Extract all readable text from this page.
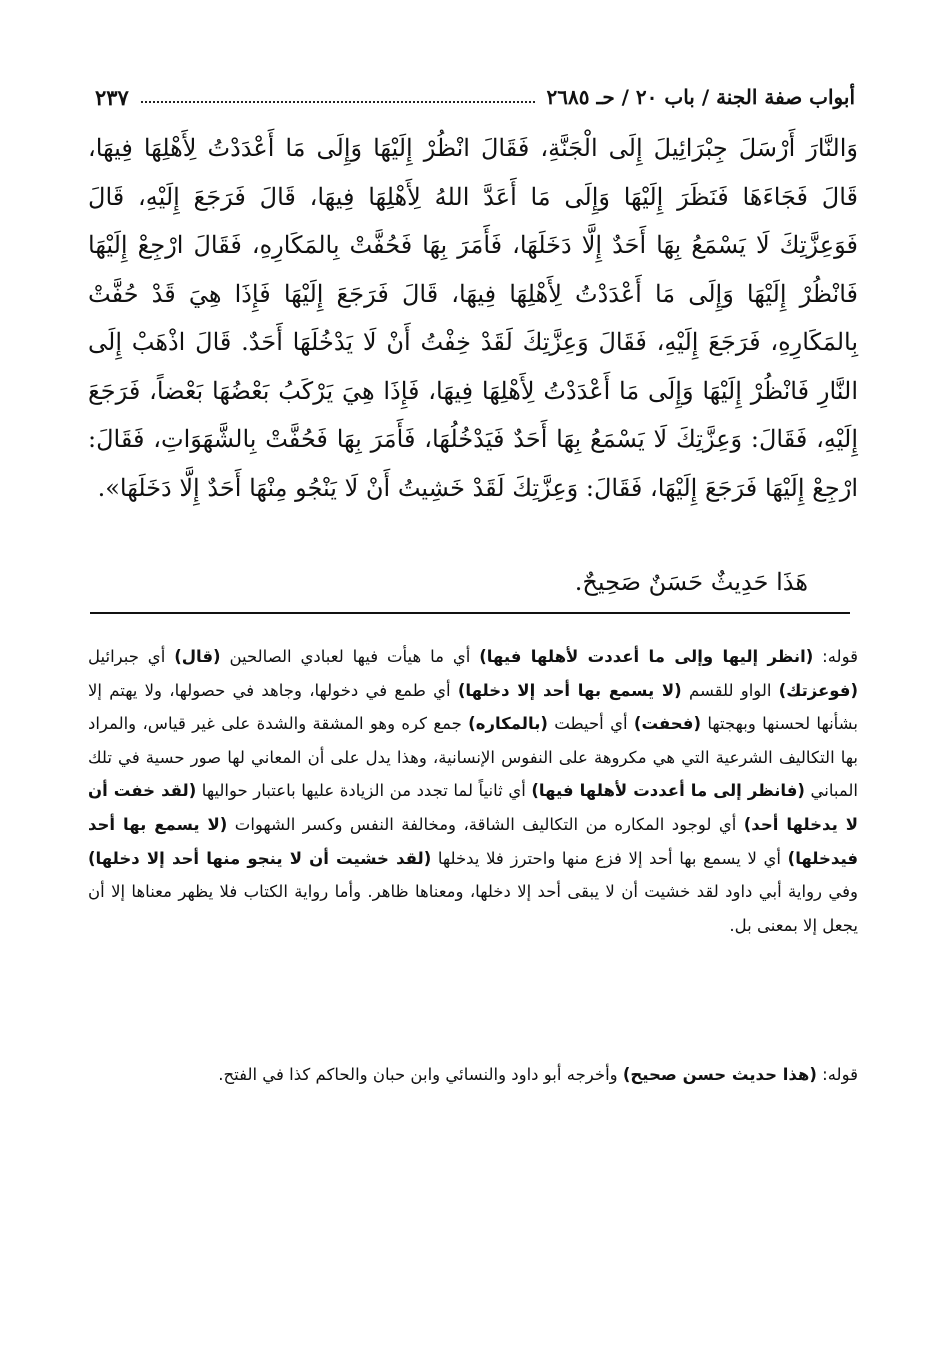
أبواب صفة الجنة / باب ٢٠ / حـ ٢٦٨٥
٢٣٧
وَالنَّارَ أَرْسَلَ جِبْرَائِيلَ إِلَى الْجَنَّةِ، فَقَالَ انْظُرْ إِلَيْهَا وَإِلَى مَا أَعْدَدْتُ لِأَهْلِهَا فِيهَا، قَالَ فَجَاءَهَا فَنَظَرَ إِلَيْهَا وَإِلَى مَا أَعَدَّ اللهُ لِأَهْلِهَا فِيهَا، قَالَ فَرَجَعَ إِلَيْهِ، قَالَ فَوَعِزَّتِكَ لَا يَسْمَعُ بِهَا أَحَدٌ إِلَّا دَخَلَهَا، فَأَمَرَ بِهَا فَحُفَّتْ بِالمَكَارِهِ، فَقَالَ ارْجِعْ إِلَيْهَا فَانْظُرْ إِلَيْهَا وَإِلَى مَا أَعْدَدْتُ لِأَهْلِهَا فِيهَا، قَالَ فَرَجَعَ إِلَيْهَا فَإِذَا هِيَ قَدْ حُفَّتْ بِالمَكَارِهِ، فَرَجَعَ إِلَيْهِ، فَقَالَ وَعِزَّتِكَ لَقَدْ خِفْتُ أَنْ لَا يَدْخُلَهَا أَحَدٌ. قَالَ اذْهَبْ إِلَى النَّارِ فَانْظُرْ إِلَيْهَا وَإِلَى مَا أَعْدَدْتُ لِأَهْلِهَا فِيهَا، فَإِذَا هِيَ يَرْكَبُ بَعْضُهَا بَعْضاً، فَرَجَعَ إِلَيْهِ، فَقَالَ: وَعِزَّتِكَ لَا يَسْمَعُ بِهَا أَحَدٌ فَيَدْخُلُهَا، فَأَمَرَ بِهَا فَحُفَّتْ بِالشَّهَوَاتِ، فَقَالَ: ارْجِعْ إِلَيْهَا فَرَجَعَ إِلَيْهَا، فَقَالَ: وَعِزَّتِكَ لَقَدْ خَشِيتُ أَنْ لَا يَنْجُو مِنْهَا أَحَدٌ إِلَّا دَخَلَهَا».
هَذَا حَدِيثٌ حَسَنٌ صَحِيحٌ.
قوله: (انظر إليها وإلى ما أعددت لأهلها فيها) أي ما هيأت فيها لعبادي الصالحين (قال) أي جبرائيل (فوعزتك) الواو للقسم (لا يسمع بها أحد إلا دخلها) أي طمع في دخولها، وجاهد في حصولها، ولا يهتم إلا بشأنها لحسنها وبهجتها (فحفت) أي أحيطت (بالمكاره) جمع كره وهو المشقة والشدة على غير قياس، والمراد بها التكاليف الشرعية التي هي مكروهة على النفوس الإنسانية، وهذا يدل على أن المعاني لها صور حسية في تلك المباني (فانظر إلى ما أعددت لأهلها فيها) أي ثانياً لما تجدد من الزيادة عليها باعتبار حواليها (لقد خفت أن لا يدخلها أحد) أي لوجود المكاره من التكاليف الشاقة، ومخالفة النفس وكسر الشهوات (لا يسمع بها أحد فيدخلها) أي لا يسمع بها أحد إلا فزع منها واحترز فلا يدخلها (لقد خشيت أن لا ينجو منها أحد إلا دخلها) وفي رواية أبي داود لقد خشيت أن لا يبقى أحد إلا دخلها، ومعناها ظاهر. وأما رواية الكتاب فلا يظهر معناها إلا أن يجعل إلا بمعنى بل.
قوله: (هذا حديث حسن صحيح) وأخرجه أبو داود والنسائي وابن حبان والحاكم كذا في الفتح.
